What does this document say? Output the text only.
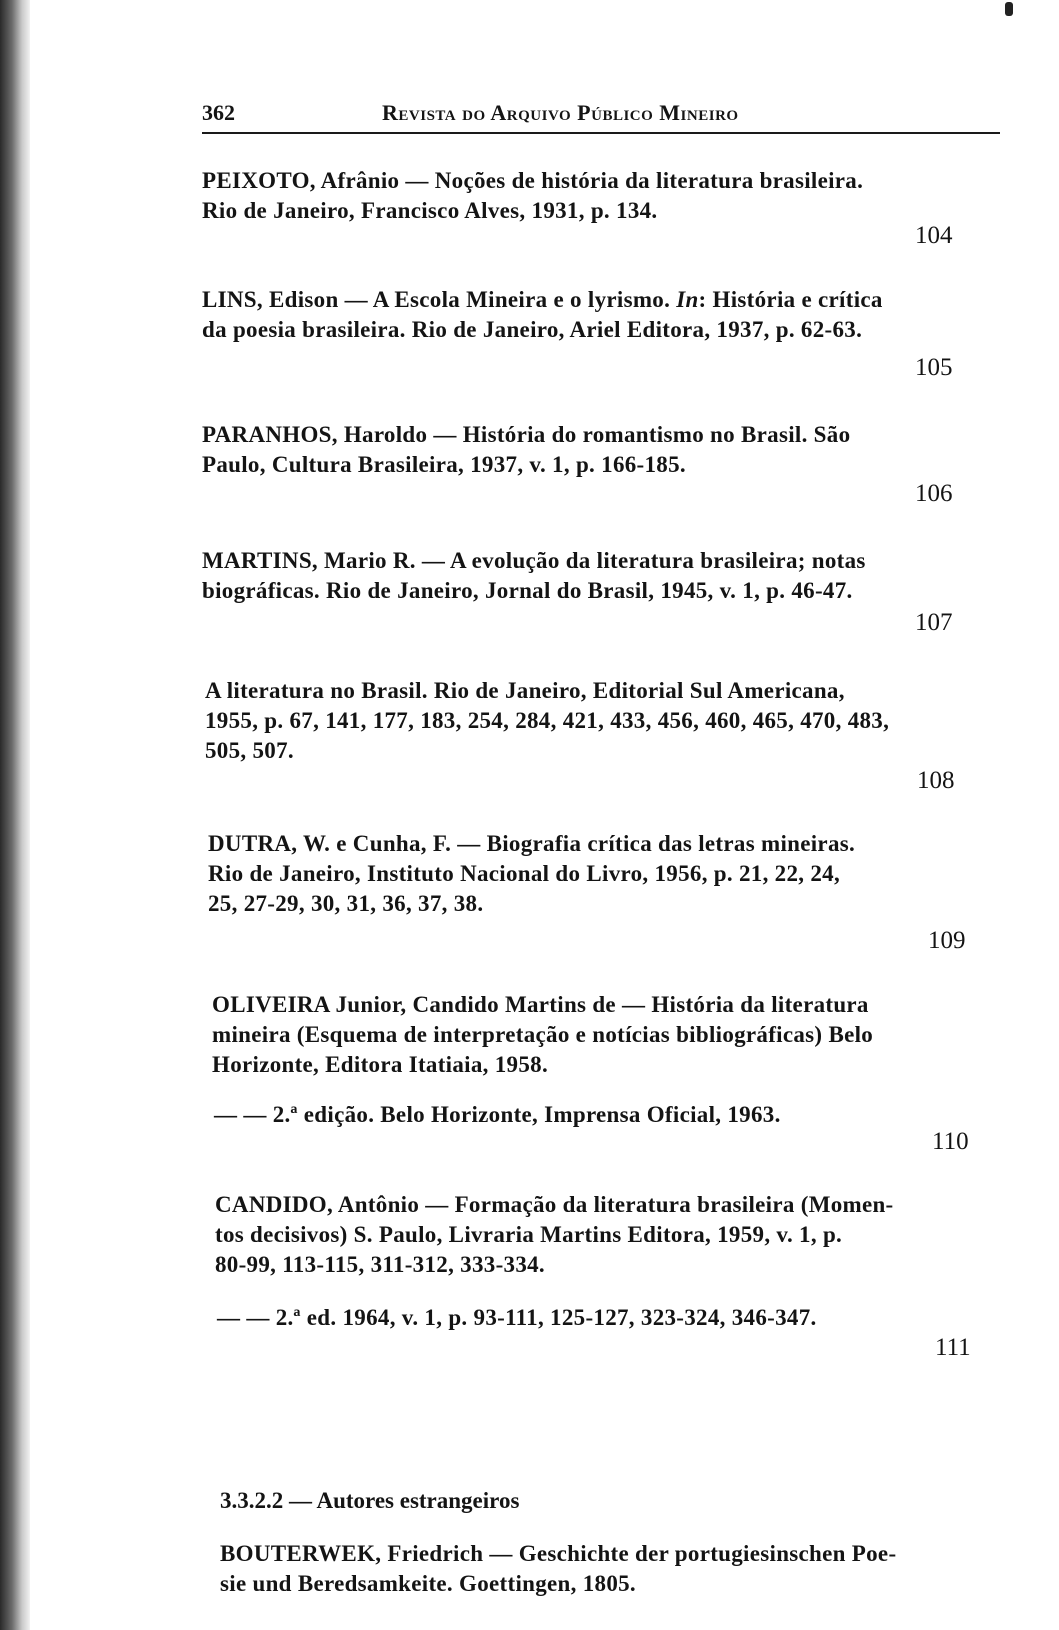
362	Revista do Arquivo Público Mineiro
PEIXOTO, Afrânio — Noções de história da literatura brasileira.
Rio de Janeiro, Francisco Alves, 1931, p. 134.
104
LINS, Edison — A Escola Mineira e o lyrismo. In: História e crítica
da poesia brasileira. Rio de Janeiro, Ariel Editora, 1937, p. 62-63.
105
PARANHOS, Haroldo — História do romantismo no Brasil. São
Paulo, Cultura Brasileira, 1937, v. 1, p. 166-185.
106
MARTINS, Mario R. — A evolução da literatura brasileira; notas
biográficas. Rio de Janeiro, Jornal do Brasil, 1945, v. 1, p. 46-47.
107
A literatura no Brasil. Rio de Janeiro, Editorial Sul Americana,
1955, p. 67, 141, 177, 183, 254, 284, 421, 433, 456, 460, 465, 470, 483,
505, 507.
108
DUTRA, W. e Cunha, F. — Biografia crítica das letras mineiras.
Rio de Janeiro, Instituto Nacional do Livro, 1956, p. 21, 22, 24,
25, 27-29, 30, 31, 36, 37, 38.
109
OLIVEIRA Junior, Candido Martins de — História da literatura
mineira (Esquema de interpretação e notícias bibliográficas) Belo
Horizonte, Editora Itatiaia, 1958.
— — 2.ª edição. Belo Horizonte, Imprensa Oficial, 1963.
110
CANDIDO, Antônio — Formação da literatura brasileira (Momen-
tos decisivos) S. Paulo, Livraria Martins Editora, 1959, v. 1, p.
80-99, 113-115, 311-312, 333-334.
— — 2.ª ed. 1964, v. 1, p. 93-111, 125-127, 323-324, 346-347.
111
3.3.2.2 — Autores estrangeiros
BOUTERWEK, Friedrich — Geschichte der portugiesinschen Poe-
sie und Beredsamkeite. Goettingen, 1805.
